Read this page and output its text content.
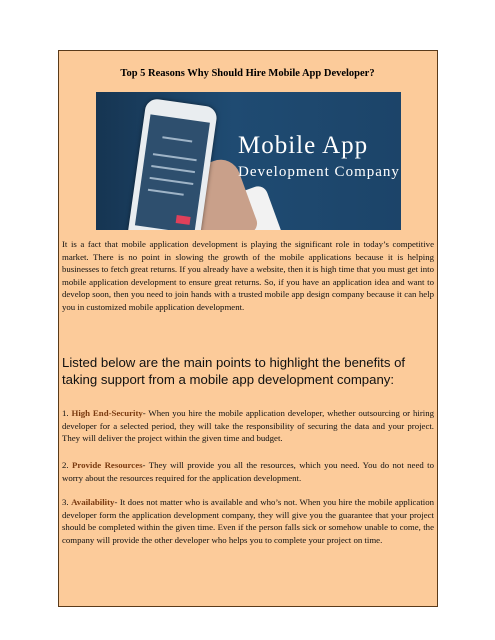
Top 5 Reasons Why Should Hire Mobile App Developer?
Mobile App
Development Company
It is a fact that mobile application development is playing the significant role in today’s competitive market. There is no point in slowing the growth of the mobile applications because it is helping businesses to fetch great returns. If you already have a website, then it is high time that you must get into mobile application development to ensure great returns. So, if you have an application idea and want to develop soon, then you need to join hands with a trusted mobile app design company because it can help you in customized mobile application development.
Listed below are the main points to highlight the benefits of taking support from a mobile app development company:
1. High End-Security- When you hire the mobile application developer, whether outsourcing or hiring developer for a selected period, they will take the responsibility of securing the data and your project. They will deliver the project within the given time and budget.
2. Provide Resources- They will provide you all the resources, which you need. You do not need to worry about the resources required for the application development.
3. Availability- It does not matter who is available and who’s not. When you hire the mobile application developer form the application development company, they will give you the guarantee that your project should be completed within the given time. Even if the person falls sick or somehow unable to come, the company will provide the other developer who helps you to complete your project on time.
